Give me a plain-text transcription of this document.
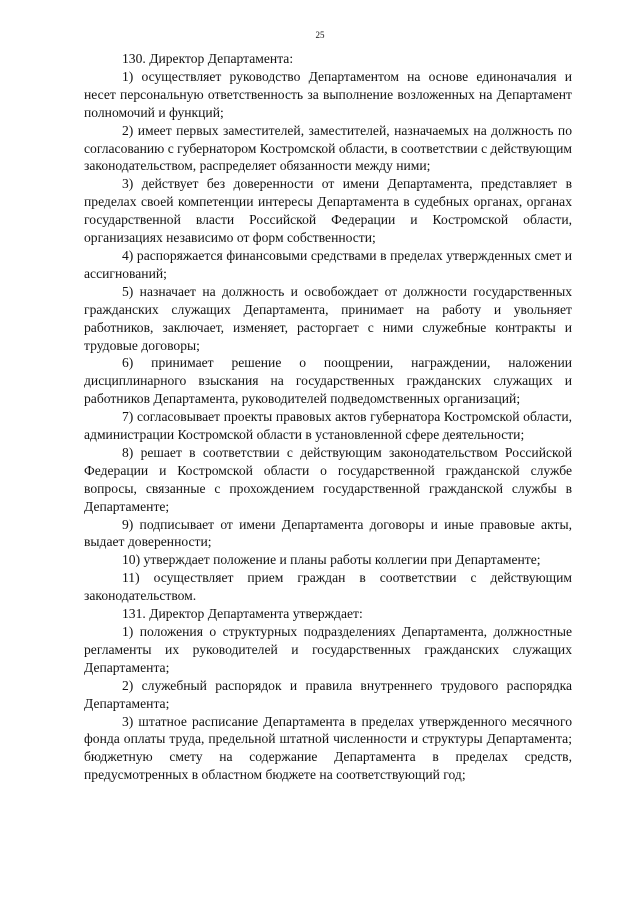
25

130. Директор Департамента:

1) осуществляет руководство Департаментом на основе единоначалия и несет персональную ответственность за выполнение возложенных на Департамент полномочий и функций;

2) имеет первых заместителей, заместителей, назначаемых на должность по согласованию с губернатором Костромской области, в соответствии с действующим законодательством, распределяет обязанности между ними;

3) действует без доверенности от имени Департамента, представляет в пределах своей компетенции интересы Департамента в судебных органах, органах государственной власти Российской Федерации и Костромской области, организациях независимо от форм собственности;

4) распоряжается финансовыми средствами в пределах утвержденных смет и ассигнований;

5) назначает на должность и освобождает от должности государственных гражданских служащих Департамента, принимает на работу и увольняет работников, заключает, изменяет, расторгает с ними служебные контракты и трудовые договоры;

6) принимает решение о поощрении, награждении, наложении дисциплинарного взыскания на государственных гражданских служащих и работников Департамента, руководителей подведомственных организаций;

7) согласовывает проекты правовых актов губернатора Костромской области, администрации Костромской области в установленной сфере деятельности;

8) решает в соответствии с действующим законодательством Российской Федерации и Костромской области о государственной гражданской службе вопросы, связанные с прохождением государственной гражданской службы в Департаменте;

9) подписывает от имени Департамента договоры и иные правовые акты, выдает доверенности;

10) утверждает положение и планы работы коллегии при Департаменте;

11) осуществляет прием граждан в соответствии с действующим законодательством.

131. Директор Департамента утверждает:

1) положения о структурных подразделениях Департамента, должностные регламенты их руководителей и государственных гражданских служащих Департамента;

2) служебный распорядок и правила внутреннего трудового распорядка Департамента;

3) штатное расписание Департамента в пределах утвержденного месячного фонда оплаты труда, предельной штатной численности и структуры Департамента; бюджетную смету на содержание Департамента в пределах средств, предусмотренных в областном бюджете на соответствующий год;
